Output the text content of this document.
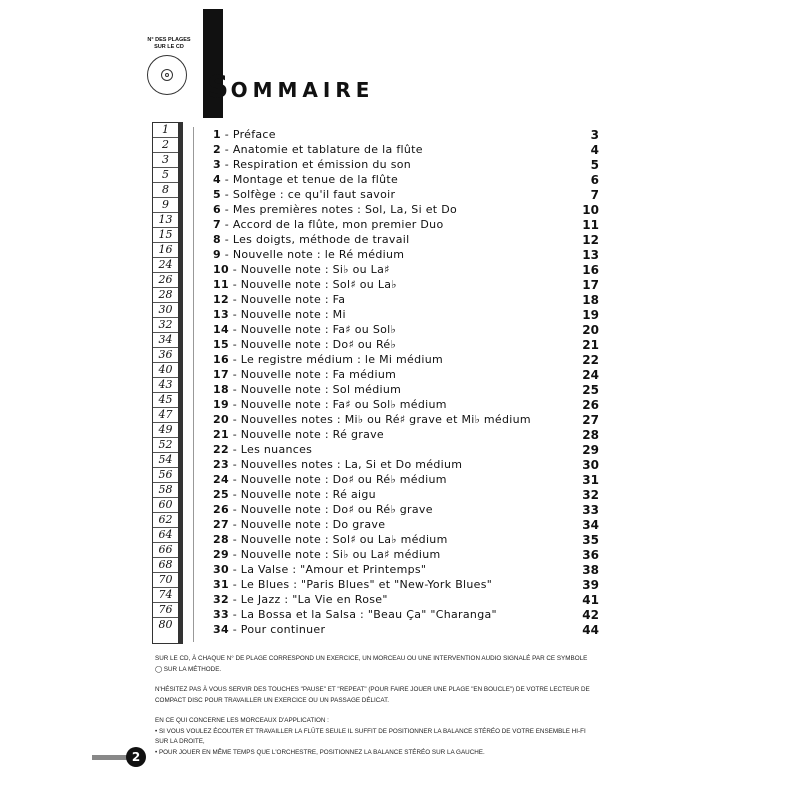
SOMMAIRE
N° DES PLAGES SUR LE CD
1
2
3
5
8
9
13
15
16
24
26
28
30
32
34
36
40
43
45
47
49
52
54
56
58
60
62
64
66
68
70
74
76
80
1 - Préface	3
2 - Anatomie et tablature de la flûte	4
3 - Respiration et émission du son	5
4 - Montage et tenue de la flûte	6
5 - Solfège : ce qu'il faut savoir	7
6 - Mes premières notes : Sol, La, Si et Do	10
7 - Accord de la flûte, mon premier Duo	11
8 - Les doigts, méthode de travail	12
9 - Nouvelle note : le Ré médium	13
10 - Nouvelle note : Si♭ ou La♯	16
11 - Nouvelle note : Sol♯ ou La♭	17
12 - Nouvelle note : Fa	18
13 - Nouvelle note : Mi	19
14 - Nouvelle note : Fa♯ ou Sol♭	20
15 - Nouvelle note : Do♯ ou Ré♭	21
16 - Le registre médium : le Mi médium	22
17 - Nouvelle note : Fa médium	24
18 - Nouvelle note : Sol médium	25
19 - Nouvelle note : Fa♯ ou Sol♭ médium	26
20 - Nouvelles notes : Mi♭ ou Ré♯ grave et Mi♭ médium	27
21 - Nouvelle note : Ré grave	28
22 - Les nuances	29
23 - Nouvelles notes : La, Si et Do médium	30
24 - Nouvelle note : Do♯ ou Ré♭ médium	31
25 - Nouvelle note : Ré aigu	32
26 - Nouvelle note : Do♯ ou Ré♭ grave	33
27 - Nouvelle note : Do grave	34
28 - Nouvelle note : Sol♯ ou La♭ médium	35
29 - Nouvelle note : Si♭ ou La♯ médium	36
30 - La Valse : "Amour et Printemps"	38
31 - Le Blues : "Paris Blues" et "New-York Blues"	39
32 - Le Jazz : "La Vie en Rose"	41
33 - La Bossa et la Salsa : "Beau Ça" "Charanga"	42
34 - Pour continuer	44

SUR LE CD, À CHAQUE N° DE PLAGE CORRESPOND UN EXERCICE, UN MORCEAU OU UNE INTERVENTION AUDIO SIGNALÉ PAR CE SYMBOLE ◯ SUR LA MÉTHODE.

N'HÉSITEZ PAS À VOUS SERVIR DES TOUCHES "PAUSE" ET "REPEAT" (POUR FAIRE JOUER UNE PLAGE "EN BOUCLE") DE VOTRE LECTEUR DE COMPACT DISC POUR TRAVAILLER UN EXERCICE OU UN PASSAGE DÉLICAT.

EN CE QUI CONCERNE LES MORCEAUX D'APPLICATION :
• SI VOUS VOULEZ ÉCOUTER ET TRAVAILLER LA FLÛTE SEULE IL SUFFIT DE POSITIONNER LA BALANCE STÉRÉO DE VOTRE ENSEMBLE HI-FI SUR LA DROITE,
• POUR JOUER EN MÊME TEMPS QUE L'ORCHESTRE, POSITIONNEZ LA BALANCE STÉRÉO SUR LA GAUCHE.
2
